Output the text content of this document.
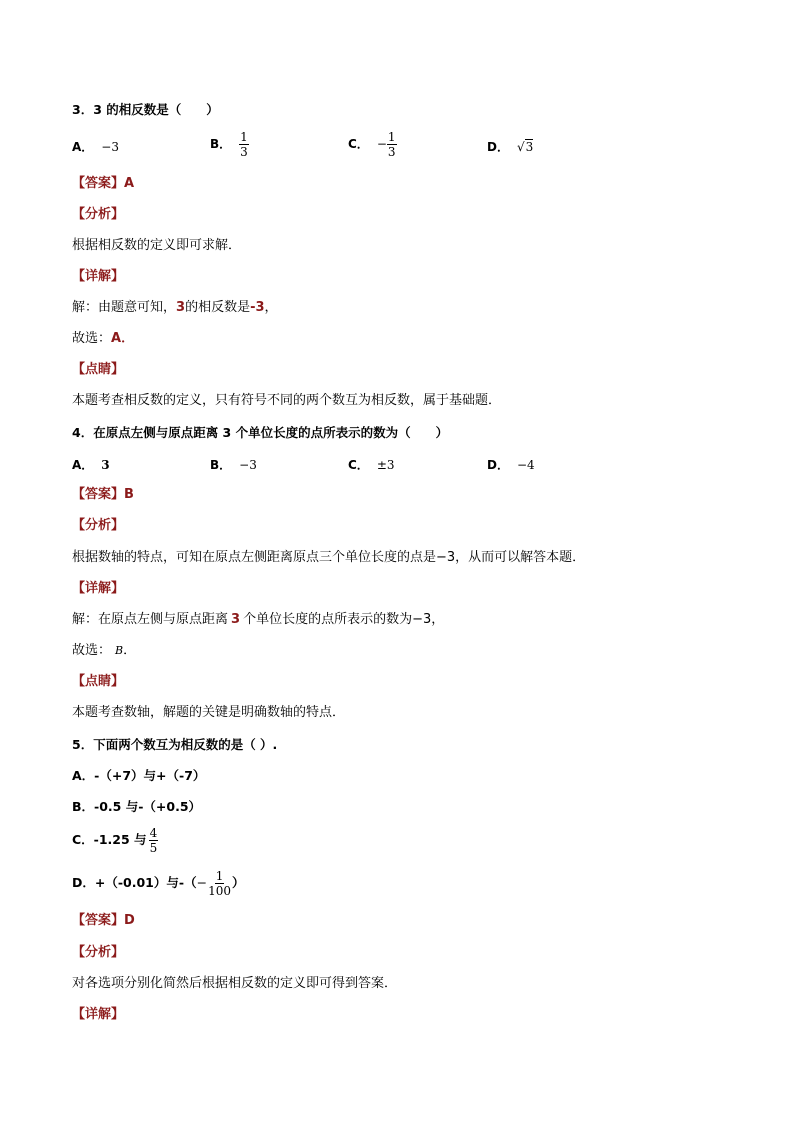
3．3 的相反数是（　　）
A． −3	B． $\frac{1}{3}$	C． − $\frac{1}{3}$	D． √3
【答案】A
【分析】
根据相反数的定义即可求解．
【详解】
解：由题意可知，3的相反数是-3，
故选：A．
【点睛】
本题考查相反数的定义，只有符号不同的两个数互为相反数，属于基础题．
4．在原点左侧与原点距离 3 个单位长度的点所表示的数为（　　）
A． 3	B． −3	C． ±3	D． −4
【答案】B
【分析】
根据数轴的特点，可知在原点左侧距离原点三个单位长度的点是−3，从而可以解答本题．
【详解】
解：在原点左侧与原点距离 3 个单位长度的点所表示的数为−3，
故选： B．
【点睛】
本题考查数轴，解题的关键是明确数轴的特点．
5．下面两个数互为相反数的是（ ）.
A．-（+7）与+（-7）
B．-0.5 与-（+0.5）
C．-1.25 与 $\frac{4}{5}$
D．+（-0.01）与-（− $\frac{1}{100}$ ）
【答案】D
【分析】
对各选项分别化简然后根据相反数的定义即可得到答案．
【详解】
